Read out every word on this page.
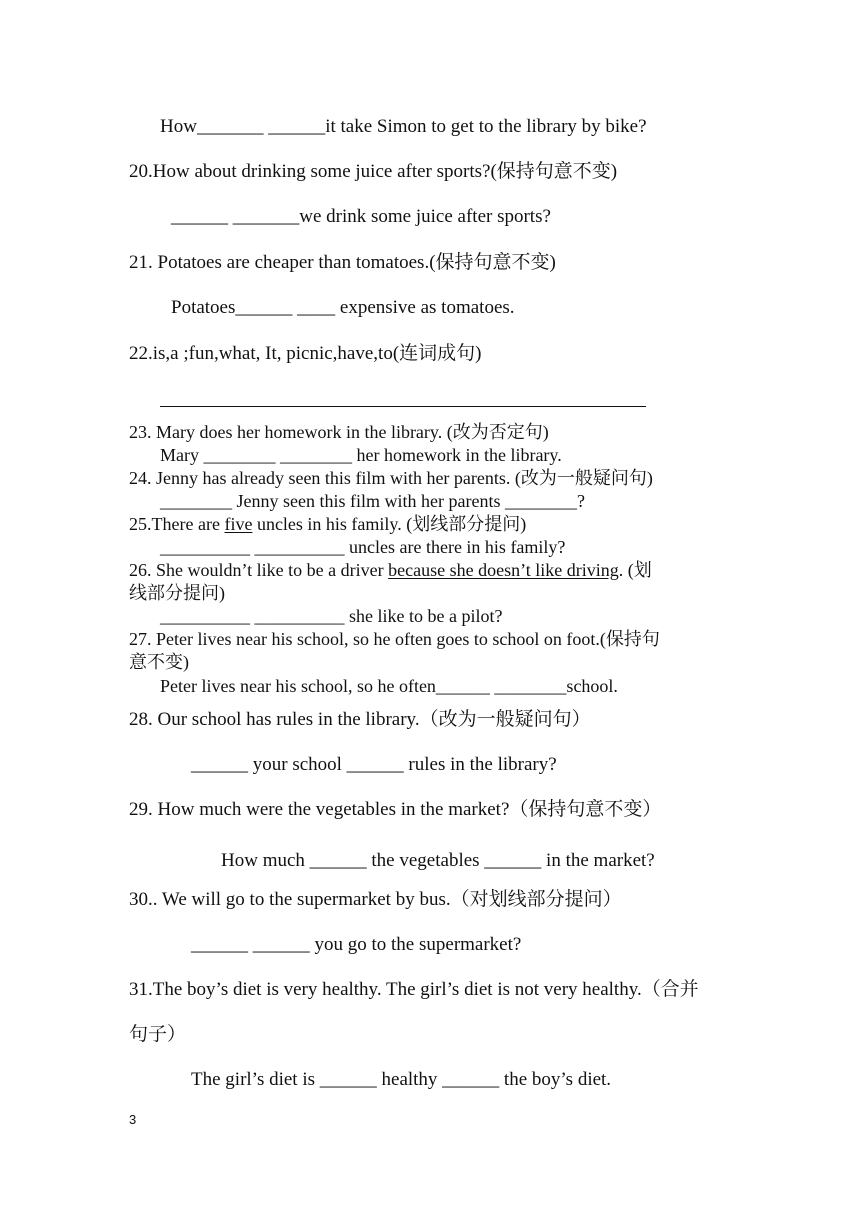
How_______ ______it take Simon to get to the library by bike?
20.How about drinking some juice after sports?(保持句意不变)
______ _______we drink some juice after sports?
21. Potatoes are cheaper than tomatoes.(保持句意不变)
Potatoes______ ____ expensive as tomatoes.
22.is,a ;fun,what, It, picnic,have,to(连词成句)
23. Mary does her homework in the library. (改为否定句)
Mary ________ ________ her homework in the library.
24. Jenny has already seen this film with her parents. (改为一般疑问句)
________ Jenny seen this film with her parents ________?
25.There are five uncles in his family. (划线部分提问)
__________ __________ uncles are there in his family?
26. She wouldn’t like to be a driver because she doesn’t like driving. (划
线部分提问)
__________ __________ she like to be a pilot?
27. Peter lives near his school, so he often goes to school on foot.(保持句
意不变)
Peter lives near his school, so he often______ ________school.
28. Our school has rules in the library.（改为一般疑问句）
______ your school ______ rules in the library?
29. How much were the vegetables in the market?（保持句意不变）
How much ______ the vegetables ______ in the market?
30.. We will go to the supermarket by bus.（对划线部分提问）
______ ______ you go to the supermarket?
31.The boy’s diet is very healthy. The girl’s diet is not very healthy.（合并
句子）
The girl’s diet is ______ healthy ______ the boy’s diet.
3
